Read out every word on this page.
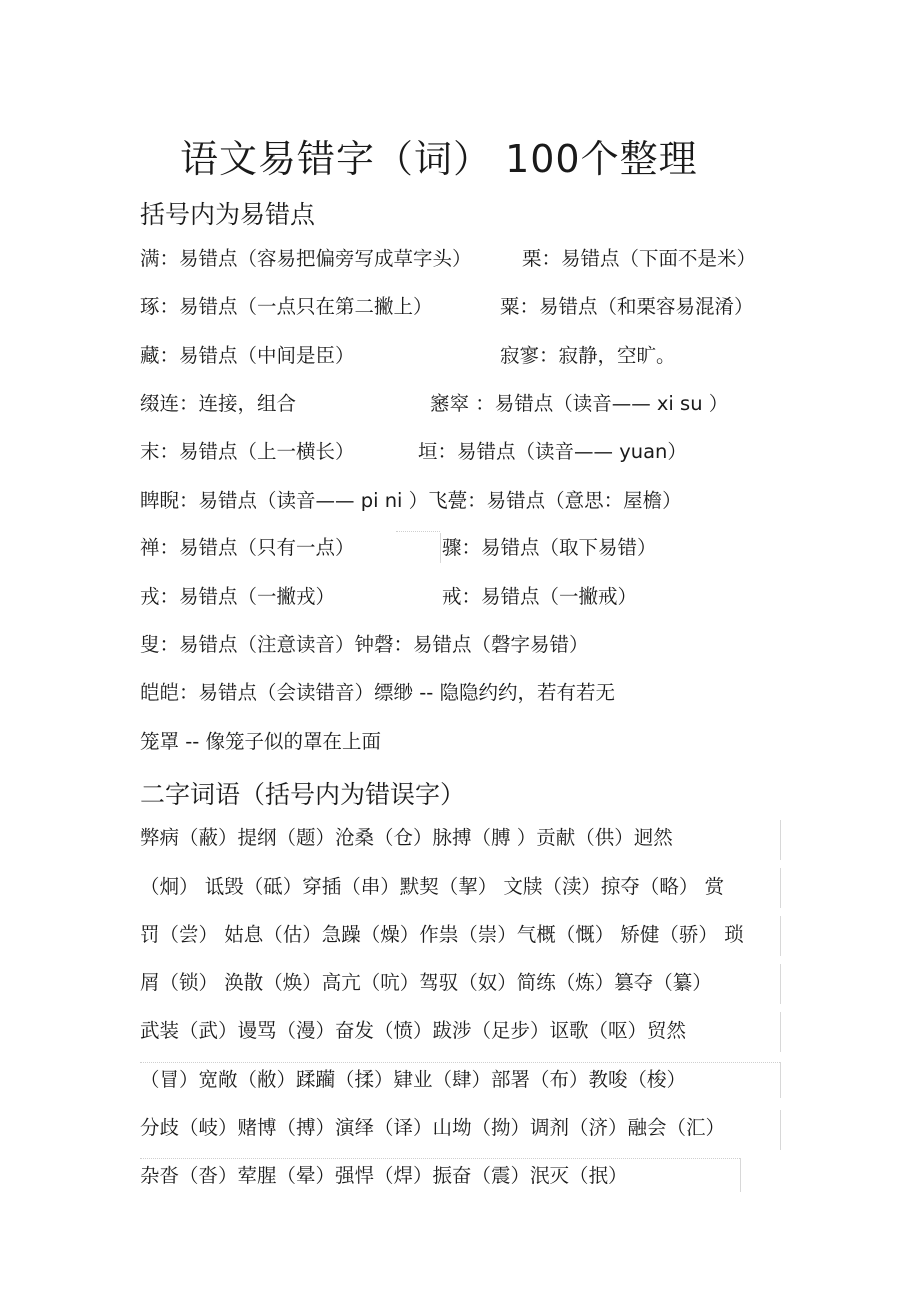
语文易错字（词） 100个整理
括号内为易错点
满：易错点（容易把偏旁写成草字头）	栗：易错点（下面不是米）
琢：易错点（一点只在第二撇上）	粟：易错点（和栗容易混淆）
藏：易错点（中间是臣）	寂寥：寂静，空旷。
缀连：连接，组合	窸窣 ：易错点（读音—— xi su ）
末：易错点（上一横长）	垣：易错点（读音—— yuan）
睥睨：易错点（读音—— pi ni ）飞甍：易错点（意思：屋檐）
禅：易错点（只有一点）	骤：易错点（取下易错）
戎：易错点（一撇戎）	戒：易错点（一撇戒）
叟：易错点（注意读音）钟磬：易错点（磬字易错）
皑皑：易错点（会读错音）缥缈 -- 隐隐约约，若有若无
笼罩 -- 像笼子似的罩在上面
二字词语（括号内为错误字）
弊病（蔽）提纲（题）沧桑（仓）脉搏（膊 ）贡献（供）迥然
（炯） 诋毁（砥）穿插（串）默契（挈） 文牍（渎）掠夺（略） 赏
罚（尝） 姑息（估）急躁（燥）作祟（崇）气概（慨） 矫健（骄） 琐
屑（锁） 涣散（焕）高亢（吭）驾驭（奴）简练（炼）篡夺（纂）
武装（武）谩骂（漫）奋发（愤）跋涉（足步）讴歌（呕）贸然
（冒）宽敞（敝）蹂躏（揉）肄业（肆）部署（布）教唆（梭）
分歧（岐）赌博（搏）演绎（译）山坳（拗）调剂（济）融会（汇）
杂沓（沓）荤腥（晕）强悍（焊）振奋（震）泯灭（抿）
